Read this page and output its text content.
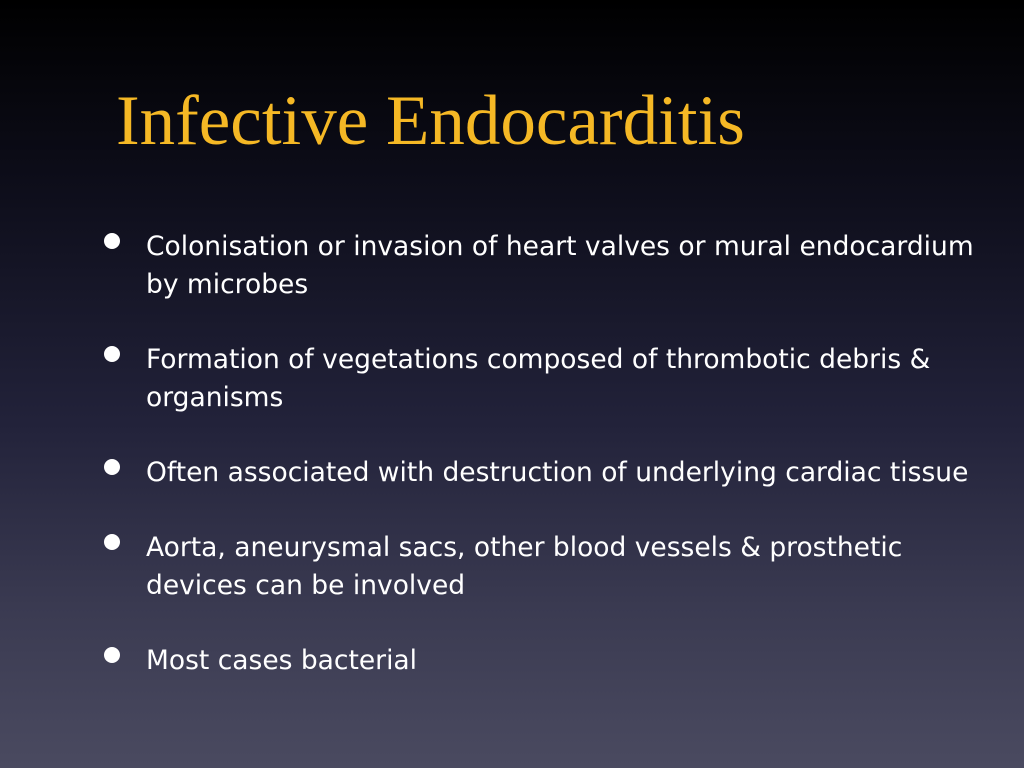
Infective Endocarditis
Colonisation or invasion of heart valves or mural endocardium by microbes
Formation of vegetations composed of thrombotic debris & organisms
Often associated with destruction of underlying cardiac tissue
Aorta, aneurysmal sacs, other blood vessels & prosthetic devices can be involved
Most cases bacterial
